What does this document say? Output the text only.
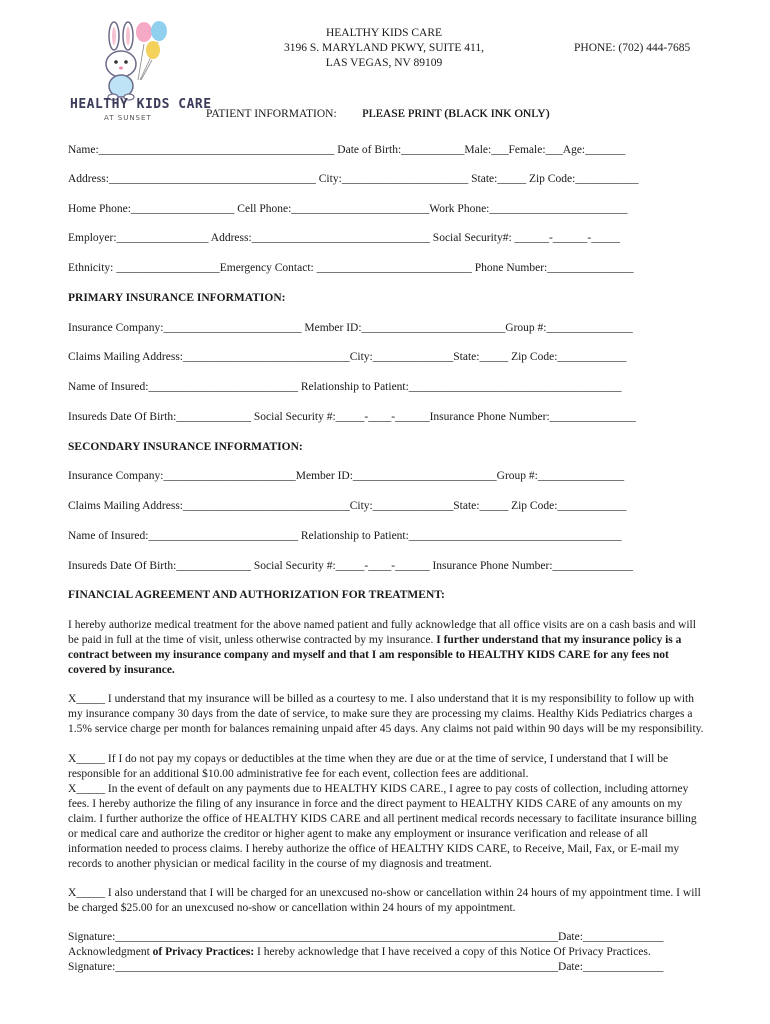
HEALTHY KIDS CARE
AT SUNSET
HEALTHY KIDS CARE
3196 S. MARYLAND PKWY, SUITE 411,
LAS VEGAS, NV 89109
PHONE: (702) 444-7685
PATIENT INFORMATION: PLEASE PRINT (BLACK INK ONLY)
Name:_________________________________________ Date of Birth:___________Male:___Female:___Age:_______
Address:____________________________________ City:______________________ State:_____ Zip Code:___________
Home Phone:__________________ Cell Phone:________________________Work Phone:________________________
Employer:________________ Address:_______________________________ Social Security#: ______-______-_____
Ethnicity: __________________Emergency Contact: ___________________________ Phone Number:_______________
PRIMARY INSURANCE INFORMATION:
Insurance Company:________________________ Member ID:_________________________Group #:_______________
Claims Mailing Address:_____________________________City:______________State:_____ Zip Code:____________
Name of Insured:__________________________ Relationship to Patient:_____________________________________
Insureds Date Of Birth:_____________ Social Security #:_____-____-______Insurance Phone Number:_______________
SECONDARY INSURANCE INFORMATION:
Insurance Company:_______________________Member ID:_________________________Group #:_______________
Claims Mailing Address:_____________________________City:______________State:_____ Zip Code:____________
Name of Insured:__________________________ Relationship to Patient:_____________________________________
Insureds Date Of Birth:_____________ Social Security #:_____-____-______ Insurance Phone Number:______________
FINANCIAL AGREEMENT AND AUTHORIZATION FOR TREATMENT:
I hereby authorize medical treatment for the above named patient and fully acknowledge that all office visits are on a cash basis and will be paid in full at the time of visit, unless otherwise contracted by my insurance. I further understand that my insurance policy is a contract between my insurance company and myself and that I am responsible to HEALTHY KIDS CARE for any fees not covered by insurance.
X_____ I understand that my insurance will be billed as a courtesy to me. I also understand that it is my responsibility to follow up with my insurance company 30 days from the date of service, to make sure they are processing my claims. Healthy Kids Pediatrics charges a 1.5% service charge per month for balances remaining unpaid after 45 days. Any claims not paid within 90 days will be my responsibility.
X_____ If I do not pay my copays or deductibles at the time when they are due or at the time of service, I understand that I will be responsible for an additional $10.00 administrative fee for each event, collection fees are additional.
X_____ In the event of default on any payments due to HEALTHY KIDS CARE., I agree to pay costs of collection, including attorney fees. I hereby authorize the filing of any insurance in force and the direct payment to HEALTHY KIDS CARE of any amounts on my claim. I further authorize the office of HEALTHY KIDS CARE and all pertinent medical records necessary to facilitate insurance billing or medical care and authorize the creditor or higher agent to make any employment or insurance verification and release of all information needed to process claims. I hereby authorize the office of HEALTHY KIDS CARE, to Receive, Mail, Fax, or E-mail my records to another physician or medical facility in the course of my diagnosis and treatment.
X_____ I also understand that I will be charged for an unexcused no-show or cancellation within 24 hours of my appointment time. I will be charged $25.00 for an unexcused no-show or cancellation within 24 hours of my appointment.
Signature:_____________________________________________________________________________Date:______________
Acknowledgment of Privacy Practices: I hereby acknowledge that I have received a copy of this Notice Of Privacy Practices.
Signature:_____________________________________________________________________________Date:______________
